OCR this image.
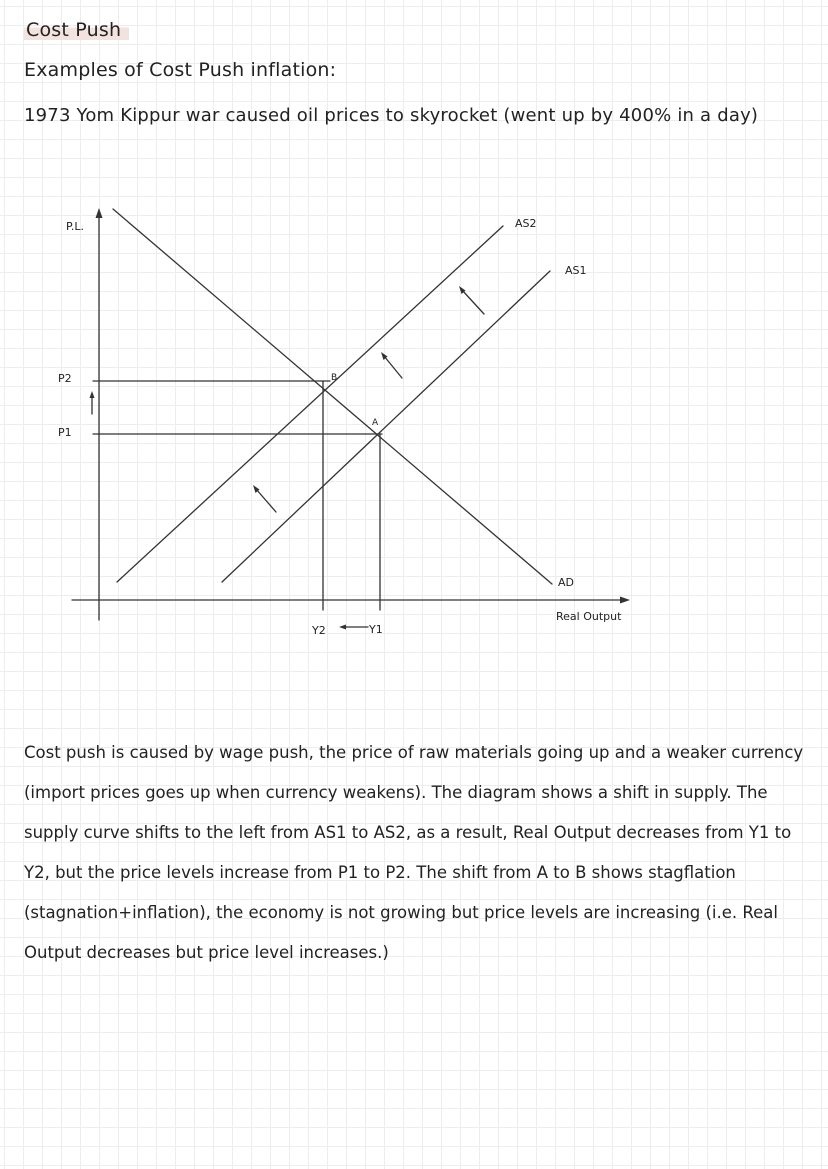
Cost Push
Examples of Cost Push inflation:
1973 Yom Kippur war caused oil prices to skyrocket (went up by 400% in a day)
P.L.
Real Output
AD
AS2
AS1
P2
P1
B
A
Y2	Y1
Cost push is caused by wage push, the price of raw materials going up and a weaker currency (import prices goes up when currency weakens). The diagram shows a shift in supply. The supply curve shifts to the left from AS1 to AS2, as a result, Real Output decreases from Y1 to Y2, but the price levels increase from P1 to P2. The shift from A to B shows stagflation (stagnation+inflation), the economy is not growing but price levels are increasing (i.e. Real Output decreases but price level increases.)
